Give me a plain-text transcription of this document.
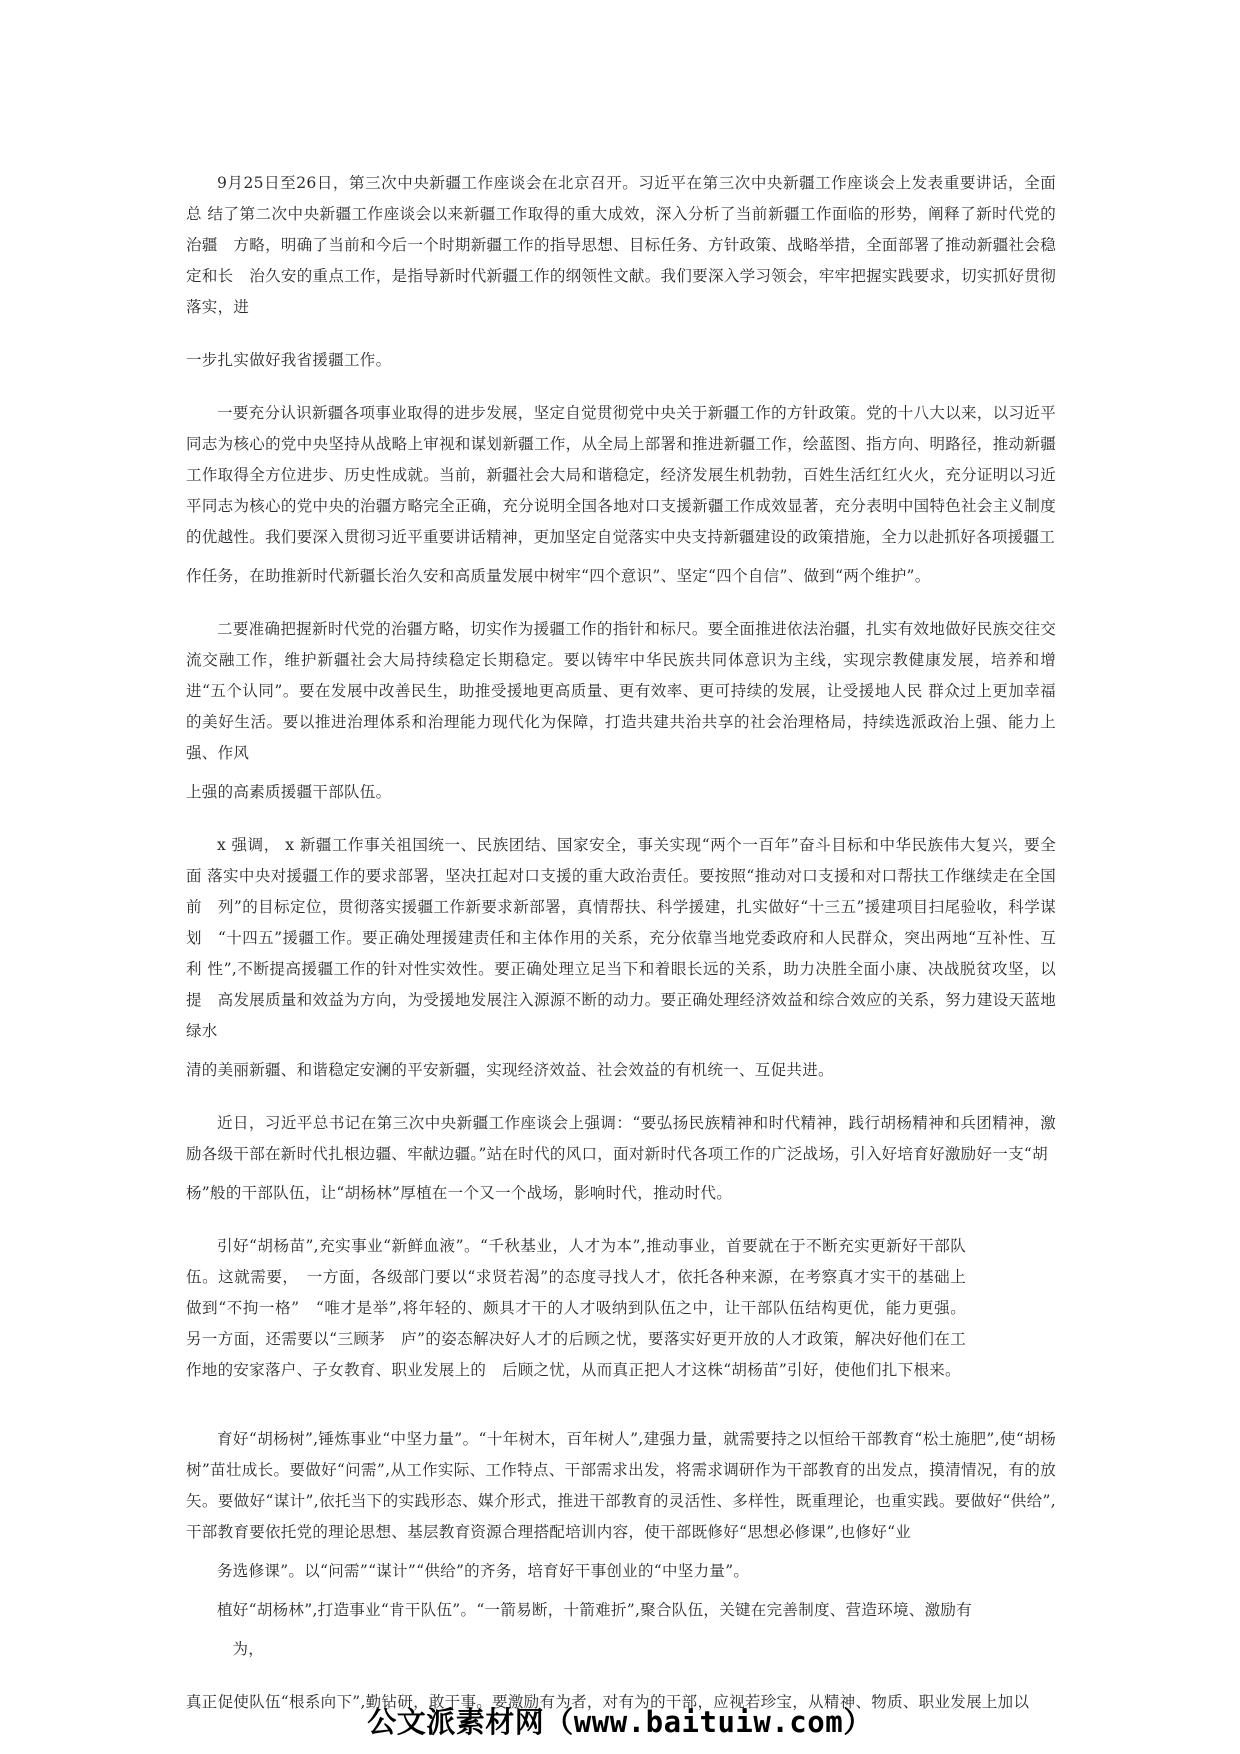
9月25日至26日，第三次中央新疆工作座谈会在北京召开。习近平在第三次中央新疆工作座谈会上发表重要讲话，全面总 结了第二次中央新疆工作座谈会以来新疆工作取得的重大成效，深入分析了当前新疆工作面临的形势，阐释了新时代党的治疆　方略，明确了当前和今后一个时期新疆工作的指导思想、目标任务、方针政策、战略举措，全面部署了推动新疆社会稳定和长　治久安的重点工作，是指导新时代新疆工作的纲领性文献。我们要深入学习领会，牢牢把握实践要求，切实抓好贯彻落实，进

一步扎实做好我省援疆工作。

一要充分认识新疆各项事业取得的进步发展，坚定自觉贯彻党中央关于新疆工作的方针政策。党的十八大以来，以习近平同志为核心的党中央坚持从战略上审视和谋划新疆工作，从全局上部署和推进新疆工作，绘蓝图、指方向、明路径，推动新疆 工作取得全方位进步、历史性成就。当前，新疆社会大局和谐稳定，经济发展生机勃勃，百姓生活红红火火，充分证明以习近 平同志为核心的党中央的治疆方略完全正确，充分说明全国各地对口支援新疆工作成效显著，充分表明中国特色社会主义制度 的优越性。我们要深入贯彻习近平重要讲话精神，更加坚定自觉落实中央支持新疆建设的政策措施，全力以赴抓好各项援疆工

作任务，在助推新时代新疆长治久安和高质量发展中树牢“四个意识”、坚定“四个自信”、做到“两个维护”。

二要准确把握新时代党的治疆方略，切实作为援疆工作的指针和标尺。要全面推进依法治疆，扎实有效地做好民族交往交流交融工作，维护新疆社会大局持续稳定长期稳定。要以铸牢中华民族共同体意识为主线，实现宗教健康发展，培养和增进“五个认同”。要在发展中改善民生，助推受援地更高质量、更有效率、更可持续的发展，让受援地人民 群众过上更加幸福的美好生活。要以推进治理体系和治理能力现代化为保障，打造共建共治共享的社会治理格局，持续选派政治上强、能力上强、作风

上强的高素质援疆干部队伍。

x 强调， x 新疆工作事关祖国统一、民族团结、国家安全，事关实现“两个一百年”奋斗目标和中华民族伟大复兴，要全面 落实中央对援疆工作的要求部署，坚决扛起对口支援的重大政治责任。要按照“推动对口支援和对口帮扶工作继续走在全国前　列”的目标定位，贯彻落实援疆工作新要求新部署，真情帮扶、科学援建，扎实做好“十三五”援建项目扫尾验收，科学谋划　“十四五”援疆工作。要正确处理援建责任和主体作用的关系，充分依靠当地党委政府和人民群众，突出两地“互补性、互利 性”,不断提高援疆工作的针对性实效性。要正确处理立足当下和着眼长远的关系，助力决胜全面小康、决战脱贫攻坚，以提　高发展质量和效益为方向，为受援地发展注入源源不断的动力。要正确处理经济效益和综合效应的关系，努力建设天蓝地绿水

清的美丽新疆、和谐稳定安澜的平安新疆，实现经济效益、社会效益的有机统一、互促共进。

近日，习近平总书记在第三次中央新疆工作座谈会上强调：“要弘扬民族精神和时代精神，践行胡杨精神和兵团精神，激励各级干部在新时代扎根边疆、牢献边疆。”站在时代的风口，面对新时代各项工作的广泛战场，引入好培育好激励好一支“胡

杨”般的干部队伍，让“胡杨林”厚植在一个又一个战场，影响时代，推动时代。

引好“胡杨苗”,充实事业“新鲜血液”。“千秋基业，人才为本”,推动事业，首要就在于不断充实更新好干部队伍。这就需要，　一方面，各级部门要以“求贤若渴”的态度寻找人才，依托各种来源，在考察真才实干的基础上做到“不拘一格”　“唯才是举”,将年轻的、颇具才干的人才吸纳到队伍之中，让干部队伍结构更优，能力更强。另一方面，还需要以“三顾茅　庐”的姿态解决好人才的后顾之忧，要落实好更开放的人才政策，解决好他们在工作地的安家落户、子女教育、职业发展上的　后顾之忧，从而真正把人才这株“胡杨苗”引好，使他们扎下根来。

育好“胡杨树”,锤炼事业“中坚力量”。“十年树木，百年树人”,建强力量，就需要持之以恒给干部教育“松土施肥”,使“胡杨树”苗壮成长。要做好“问需”,从工作实际、工作特点、干部需求出发，将需求调研作为干部教育的出发点，摸清情况，有的放矢。要做好“谋计”,依托当下的实践形态、媒介形式，推进干部教育的灵活性、多样性，既重理论，也重实践。要做好“供给”,干部教育要依托党的理论思想、基层教育资源合理搭配培训内容，使干部既修好“思想必修课”,也修好“业

务选修课”。以“问需”“谋计”“供给”的齐务，培育好干事创业的“中坚力量”。

植好“胡杨林”,打造事业“肯干队伍”。“一箭易断，十箭难折”,聚合队伍，关键在完善制度、营造环境、激励有

为，

真正促使队伍“根系向下”,勤钻研，敢干事。要激励有为者，对有为的干部，应视若珍宝，从精神、物质、职业发展上加以

公文派素材网（www.baituiw.com）
